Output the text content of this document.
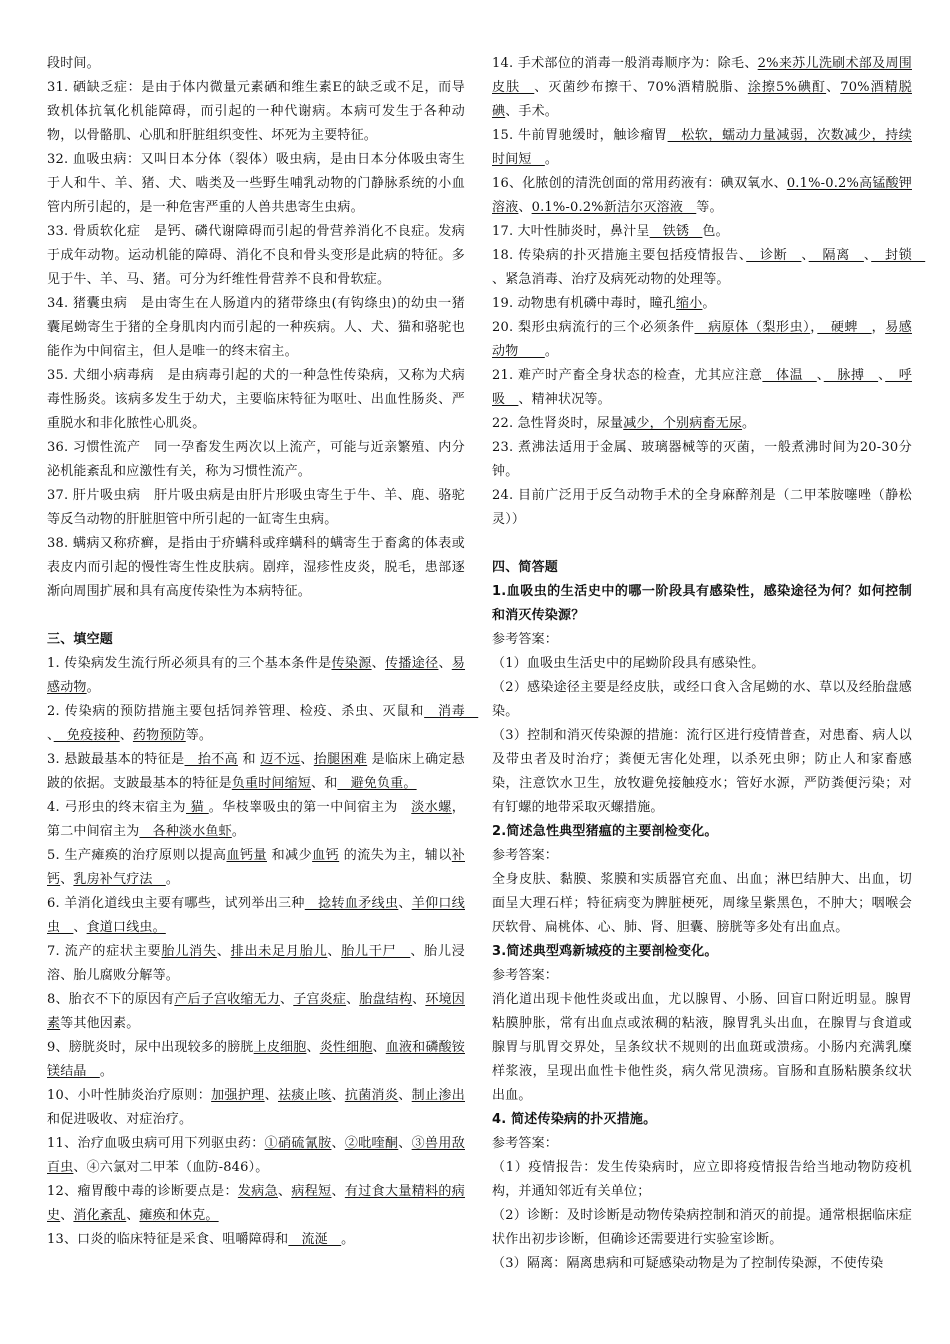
段时间。

31. 硒缺乏症：是由于体内微量元素硒和维生素E的缺乏或不足，而导致机体抗氧化机能障碍，而引起的一种代谢病。本病可发生于各种动物，以骨骼肌、心肌和肝脏组织变性、坏死为主要特征。

32. 血吸虫病：又叫日本分体（裂体）吸虫病，是由日本分体吸虫寄生于人和牛、羊、猪、犬、啮类及一些野生哺乳动物的门静脉系统的小血管内所引起的，是一种危害严重的人兽共患寄生虫病。

33. 骨质软化症　是钙、磷代谢障碍而引起的骨营养消化不良症。发病于成年动物。运动机能的障碍、消化不良和骨头变形是此病的特征。多见于牛、羊、马、猪。可分为纤维性骨营养不良和骨软症。

34. 猪囊虫病　是由寄生在人肠道内的猪带绦虫(有钩绦虫)的幼虫一猪囊尾蚴寄生于猪的全身肌肉内而引起的一种疾病。人、犬、猫和骆驼也能作为中间宿主，但人是唯一的终末宿主。

35. 犬细小病毒病　是由病毒引起的犬的一种急性传染病，又称为犬病毒性肠炎。该病多发生于幼犬，主要临床特征为呕吐、出血性肠炎、严重脱水和非化脓性心肌炎。

36. 习惯性流产　同一孕畜发生两次以上流产，可能与近亲繁殖、内分泌机能紊乱和应激性有关，称为习惯性流产。

37. 肝片吸虫病　肝片吸虫病是由肝片形吸虫寄生于牛、羊、鹿、骆驼等反刍动物的肝脏胆管中所引起的一缸寄生虫病。

38. 螨病又称疥癣，是指由于疥螨科或痒螨科的螨寄生于畜禽的体表或表皮内而引起的慢性寄生性皮肤病。剧痒，湿疹性皮炎，脱毛，患部逐渐向周围扩展和具有高度传染性为本病特征。

三、填空题

1. 传染病发生流行所必须具有的三个基本条件是传染源、传播途径、易感动物。

2. 传染病的预防措施主要包括饲养管理、检疫、杀虫、灭鼠和　消毒　、　免疫接种、药物预防等。

3. 悬跛最基本的特征是　抬不高 和 迈不远、抬腿困难 是临床上确定悬跛的依据。支跛最基本的特征是负重时间缩短、和　避免负重。

4. 弓形虫的终末宿主为 猫 。华枝睾吸虫的第一中间宿主为　淡水螺，第二中间宿主为　各种淡水鱼虾。

5. 生产瘫痪的治疗原则以提高血钙量 和减少血钙 的流失为主，辅以补钙、乳房补气疗法　。

6. 羊消化道线虫主要有哪些，试列举出三种　捻转血矛线虫、羊仰口线虫　、食道口线虫。

7. 流产的症状主要胎儿消失、排出未足月胎儿、胎儿干尸　、胎儿浸溶、胎儿腐败分解等。

8、胎衣不下的原因有产后子宫收缩无力、子宫炎症、胎盘结构、环境因素等其他因素。

9、膀胱炎时，尿中出现较多的膀胱上皮细胞、炎性细胞、血液和磷酸铵镁结晶　。

10、小叶性肺炎治疗原则：加强护理、祛痰止咳、抗菌消炎、制止渗出和促进吸收、对症治疗。

11、治疗血吸虫病可用下列驱虫药：①硝硫氰胺、②吡喹酮、③兽用敌百虫、④六氯对二甲苯（血防-846）。

12、瘤胃酸中毒的诊断要点是：发病急、病程短、有过食大量精料的病史、消化紊乱、瘫痪和休克。

13、口炎的临床特征是采食、咀嚼障碍和　流涎　。

14. 手术部位的消毒一般消毒顺序为：除毛、2%来苏儿洗刷术部及周围皮肤　、灭菌纱布擦干、70%酒精脱脂、涂擦5%碘酊、70%酒精脱碘、手术。

15. 牛前胃驰缓时，触诊瘤胃　松软，蠕动力量减弱，次数减少，持续时间短　。

16、化脓创的清洗创面的常用药液有：碘双氧水、0.1%-0.2%高锰酸钾溶液、0.1%-0.2%新洁尔灭溶液　等。

17. 大叶性肺炎时，鼻汁呈　铁锈　色。

18. 传染病的扑灭措施主要包括疫情报告、　诊断　、　隔离　、　封锁　、紧急消毒、治疗及病死动物的处理等。

19. 动物患有机磷中毒时，瞳孔缩小。

20. 梨形虫病流行的三个必须条件　病原体（梨形虫），　硬蜱　，易感动物　　。

21. 难产时产畜全身状态的检查，尤其应注意　体温　、　脉搏　、　呼吸　、精神状况等。

22. 急性肾炎时，尿量减少，个别病畜无尿。

23. 煮沸法适用于金属、玻璃器械等的灭菌，一般煮沸时间为20-30分钟。

24. 目前广泛用于反刍动物手术的全身麻醉剂是（二甲苯胺噻唑（静松灵））

四、简答题

1.血吸虫的生活史中的哪一阶段具有感染性，感染途径为何？如何控制和消灭传染源？

参考答案：

（1）血吸虫生活史中的尾蚴阶段具有感染性。

（2）感染途径主要是经皮肤，或经口食入含尾蚴的水、草以及经胎盘感染。

（3）控制和消灭传染源的措施：流行区进行疫情普查，对患畜、病人以及带虫者及时治疗；粪便无害化处理，以杀死虫卵；防止人和家畜感染，注意饮水卫生，放牧避免接触疫水；管好水源，严防粪便污染；对有钉螺的地带采取灭螺措施。

2.简述急性典型猪瘟的主要剖检变化。

参考答案：

全身皮肤、黏膜、浆膜和实质器官充血、出血；淋巴结肿大、出血，切面呈大理石样；特征病变为脾脏梗死，周缘呈紫黑色，不肿大；咽喉会厌软骨、扁桃体、心、肺、肾、胆囊、膀胱等多处有出血点。

3.简述典型鸡新城疫的主要剖检变化。

参考答案：

消化道出现卡他性炎或出血，尤以腺胃、小肠、回盲口附近明显。腺胃粘膜肿胀，常有出血点或浓稠的粘液，腺胃乳头出血，在腺胃与食道或腺胃与肌胃交界处，呈条纹状不规则的出血斑或溃疡。小肠内充满乳糜样浆液，呈现出血性卡他性炎，病久常见溃疡。盲肠和直肠粘膜条纹状出血。

4. 简述传染病的扑灭措施。

参考答案：

（1）疫情报告：发生传染病时，应立即将疫情报告给当地动物防疫机构，并通知邻近有关单位；

（2）诊断：及时诊断是动物传染病控制和消灭的前提。通常根据临床症状作出初步诊断，但确诊还需要进行实验室诊断。

（3）隔离：隔离患病和可疑感染动物是为了控制传染源，不使传染
